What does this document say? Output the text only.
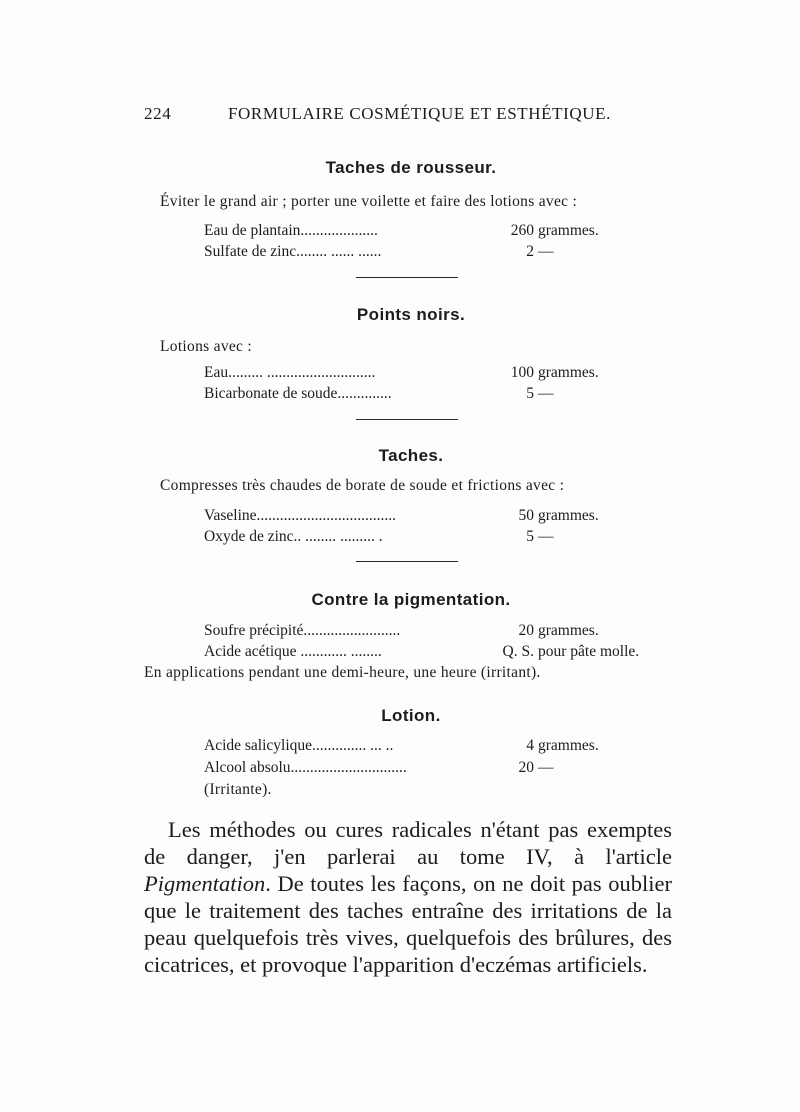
224	FORMULAIRE COSMÉTIQUE ET ESTHÉTIQUE.
Taches de rousseur.
Éviter le grand air ; porter une voilette et faire des lotions avec :
Eau de plantain....................	260 grammes.
Sulfate de zinc........ ...... ......	2 —
Points noirs.
Lotions avec :
Eau......... ............................	100 grammes.
Bicarbonate de soude..............	5 —
Taches.
Compresses très chaudes de borate de soude et frictions avec :
Vaseline....................................	50 grammes.
Oxyde de zinc.. ........ ......... .	5 —
Contre la pigmentation.
Soufre précipité.........................	20 grammes.
Acide acétique ............ ........	Q. S. pour pâte molle.
En applications pendant une demi-heure, une heure (irritant).
Lotion.
Acide salicylique.............. ... ..	4 grammes.
Alcool absolu..............................	20 —
(Irritante).

Les méthodes ou cures radicales n'étant pas exemptes de danger, j'en parlerai au tome IV, à l'article Pigmentation. De toutes les façons, on ne doit pas oublier que le traitement des taches entraîne des irritations de la peau quelquefois très vives, quelquefois des brûlures, des cicatrices, et provoque l'apparition d'eczémas artificiels.
